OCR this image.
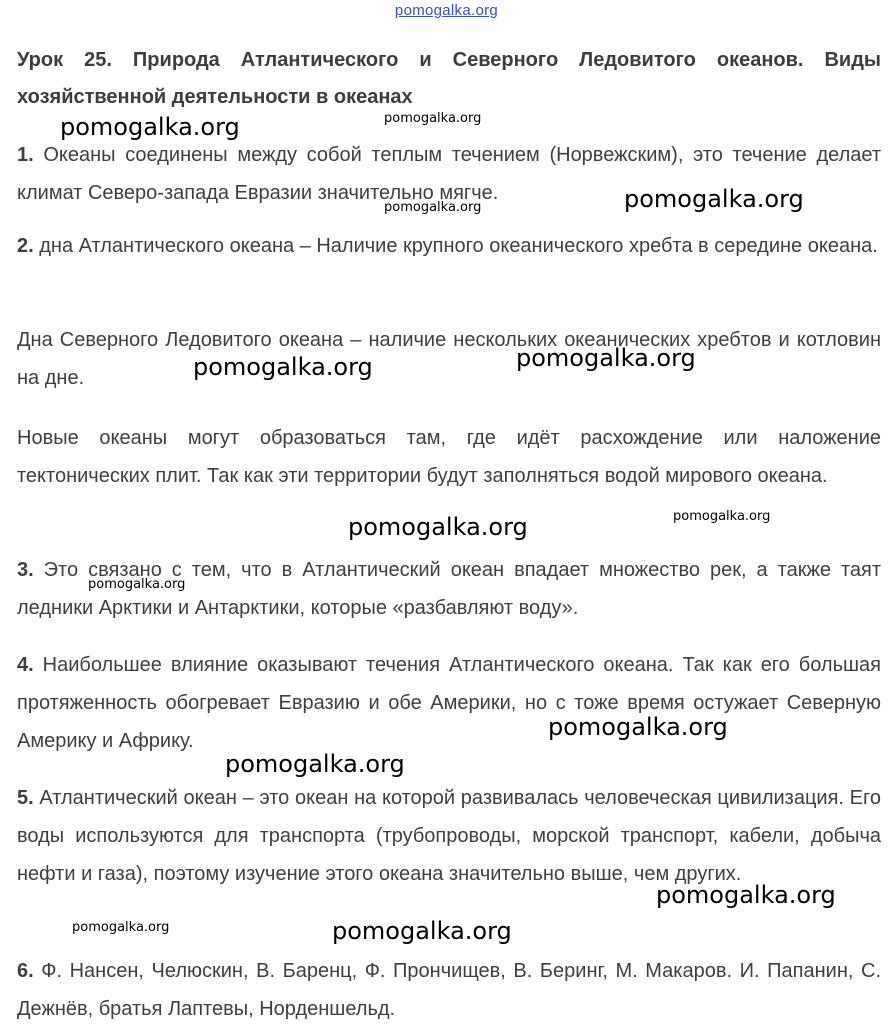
pomogalka.org
Урок 25. Природа Атлантического и Северного Ледовитого океанов. Виды хозяйственной деятельности в океанах

1. Океаны соединены между собой теплым течением (Норвежским), это течение делает климат Северо-запада Евразии значительно мягче.

2. дна Атлантического океана – Наличие крупного океанического хребта в середине океана.

Дна Северного Ледовитого океана – наличие нескольких океанических хребтов и котловин на дне.

Новые океаны могут образоваться там, где идёт расхождение или наложение тектонических плит. Так как эти территории будут заполняться водой мирового океана.

3. Это связано с тем, что в Атлантический океан впадает множество рек, а также таят ледники Арктики и Антарктики, которые «разбавляют воду».

4. Наибольшее влияние оказывают течения Атлантического океана. Так как его большая протяженность обогревает Евразию и обе Америки, но с тоже время остужает Северную Америку и Африку.

5. Атлантический океан – это океан на которой развивалась человеческая цивилизация. Его воды используются для транспорта (трубопроводы, морской транспорт, кабели, добыча нефти и газа), поэтому изучение этого океана значительно выше, чем других.

6. Ф. Нансен, Челюскин, В. Баренц, Ф. Прончищев, В. Беринг, М. Макаров. И. Папанин, С. Дежнёв, братья Лаптевы, Норденшельд.

pomogalka.org	pomogalka.org
pomogalka.org
pomogalka.org
pomogalka.org
pomogalka.org
pomogalka.org	pomogalka.org
pomogalka.org
pomogalka.org
pomogalka.org
pomogalka.org
pomogalka.org	pomogalka.org
